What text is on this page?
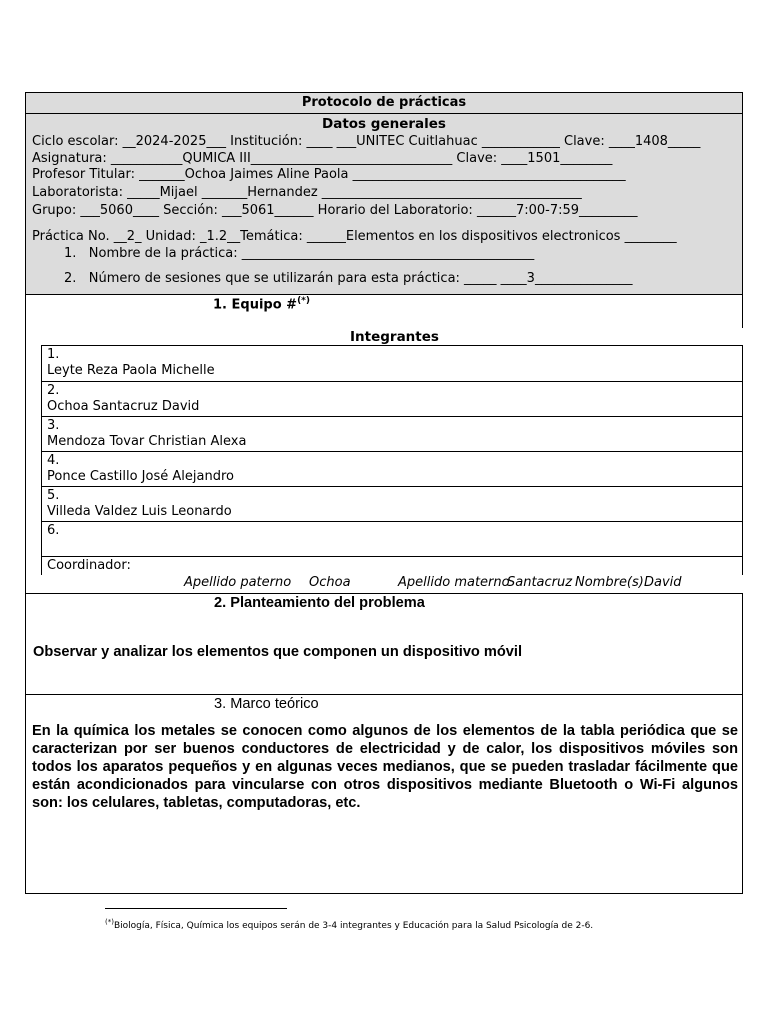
Protocolo de prácticas
Datos generales
Ciclo escolar: __2024-2025___ Institución: ____ ___UNITEC Cuitlahuac ____________ Clave: ____1408_____
Asignatura: ___________QUMICA III_______________________________ Clave: ____1501________
Profesor Titular: _______Ochoa Jaimes Aline Paola __________________________________________
Laboratorista: _____Mijael _______Hernandez ________________________________________
Grupo: ___5060____ Sección: ___5061______ Horario del Laboratorio: ______7:00-7:59_________
Práctica No. __2_ Unidad: _1.2__Temática: ______Elementos en los dispositivos electronicos ________
1.   Nombre de la práctica: _____________________________________________
2.   Número de sesiones que se utilizarán para esta práctica: _____ ____3_______________
1. Equipo #(*)
Integrantes
1.
Leyte Reza Paola Michelle
2.
Ochoa Santacruz David
3.
Mendoza Tovar Christian Alexa
4.
Ponce Castillo José Alejandro
5.
Villeda Valdez Luis Leonardo
6.
Coordinador:
Apellido paterno Ochoa	Apellido materno
Santacruz Nombre(s) David
2. Planteamiento del problema
Observar y analizar los elementos que componen un dispositivo móvil
3. Marco teórico
En la química los metales se conocen como algunos de los elementos de la tabla periódica que se caracterizan por ser buenos conductores de electricidad y de calor, los dispositivos móviles son todos los aparatos pequeños y en algunas veces medianos, que se pueden trasladar fácilmente que están acondicionados para vincularse con otros dispositivos mediante Bluetooth o Wi-Fi algunos son: los celulares, tabletas, computadoras, etc.
(*)Biología, Física, Química los equipos serán de 3-4 integrantes y Educación para la Salud Psicología de 2-6.
